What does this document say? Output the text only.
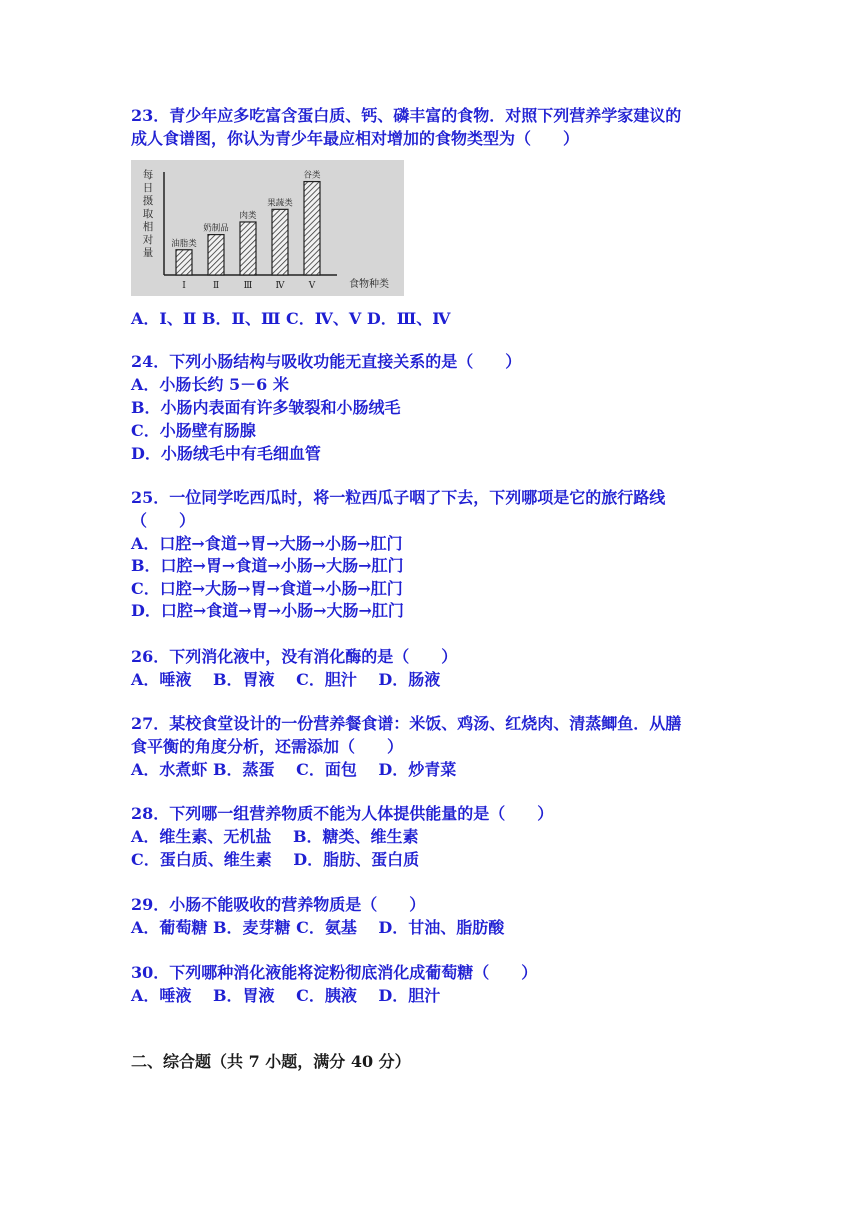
23．青少年应多吃富含蛋白质、钙、磷丰富的食物．对照下列营养学家建议的
成人食谱图，你认为青少年最应相对增加的食物类型为（　　）
每
日
摄
取
相
对
量
油脂类
Ⅰ
奶制品
Ⅱ
肉类
Ⅲ
果蔬类
Ⅳ
谷类
Ⅴ	食物种类
A．Ⅰ、Ⅱ B．Ⅱ、Ⅲ C．Ⅳ、Ⅴ D．Ⅲ、Ⅳ
24．下列小肠结构与吸收功能无直接关系的是（　　）
A．小肠长约 5－6 米
B．小肠内表面有许多皱裂和小肠绒毛
C．小肠壁有肠腺
D．小肠绒毛中有毛细血管
25．一位同学吃西瓜时，将一粒西瓜子咽了下去，下列哪项是它的旅行路线
（　　）
A．口腔→食道→胃→大肠→小肠→肛门
B．口腔→胃→食道→小肠→大肠→肛门
C．口腔→大肠→胃→食道→小肠→肛门
D．口腔→食道→胃→小肠→大肠→肛门
26．下列消化液中，没有消化酶的是（　　）
A．唾液　 B．胃液　 C．胆汁　 D．肠液
27．某校食堂设计的一份营养餐食谱：米饭、鸡汤、红烧肉、清蒸鲫鱼．从膳
食平衡的角度分析，还需添加（　　）
A．水煮虾 B．蒸蛋　 C．面包　 D．炒青菜
28．下列哪一组营养物质不能为人体提供能量的是（　　）
A．维生素、无机盐　 B．糖类、维生素
C．蛋白质、维生素　 D．脂肪、蛋白质
29．小肠不能吸收的营养物质是（　　）
A．葡萄糖 B．麦芽糖 C．氨基　 D．甘油、脂肪酸
30．下列哪种消化液能将淀粉彻底消化成葡萄糖（　　）
A．唾液　 B．胃液　 C．胰液　 D．胆汁
二、综合题（共 7 小题，满分 40 分）
